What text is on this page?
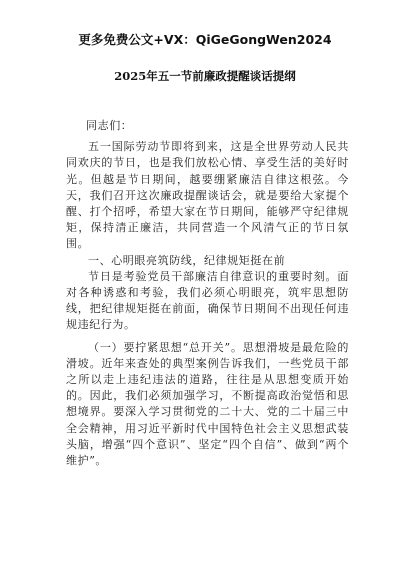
更多免费公文+VX：QiGeGongWen2024
2025年五一节前廉政提醒谈话提纲

同志们：

五一国际劳动节即将到来，这是全世界劳动人民共同欢庆的节日，也是我们放松心情、享受生活的美好时光。但越是节日期间，越要绷紧廉洁自律这根弦。今天，我们召开这次廉政提醒谈话会，就是要给大家提个醒、打个招呼，希望大家在节日期间，能够严守纪律规矩，保持清正廉洁，共同营造一个风清气正的节日氛围。

一、心明眼亮筑防线，纪律规矩挺在前

节日是考验党员干部廉洁自律意识的重要时刻。面对各种诱惑和考验，我们必须心明眼亮，筑牢思想防线，把纪律规矩挺在前面，确保节日期间不出现任何违规违纪行为。

（一）要拧紧思想“总开关”。思想滑坡是最危险的滑坡。近年来查处的典型案例告诉我们，一些党员干部之所以走上违纪违法的道路，往往是从思想变质开始的。因此，我们必须加强学习，不断提高政治觉悟和思想境界。要深入学习贯彻党的二十大、党的二十届三中全会精神，用习近平新时代中国特色社会主义思想武装头脑，增强“四个意识”、坚定“四个自信”、做到“两个维护”。
